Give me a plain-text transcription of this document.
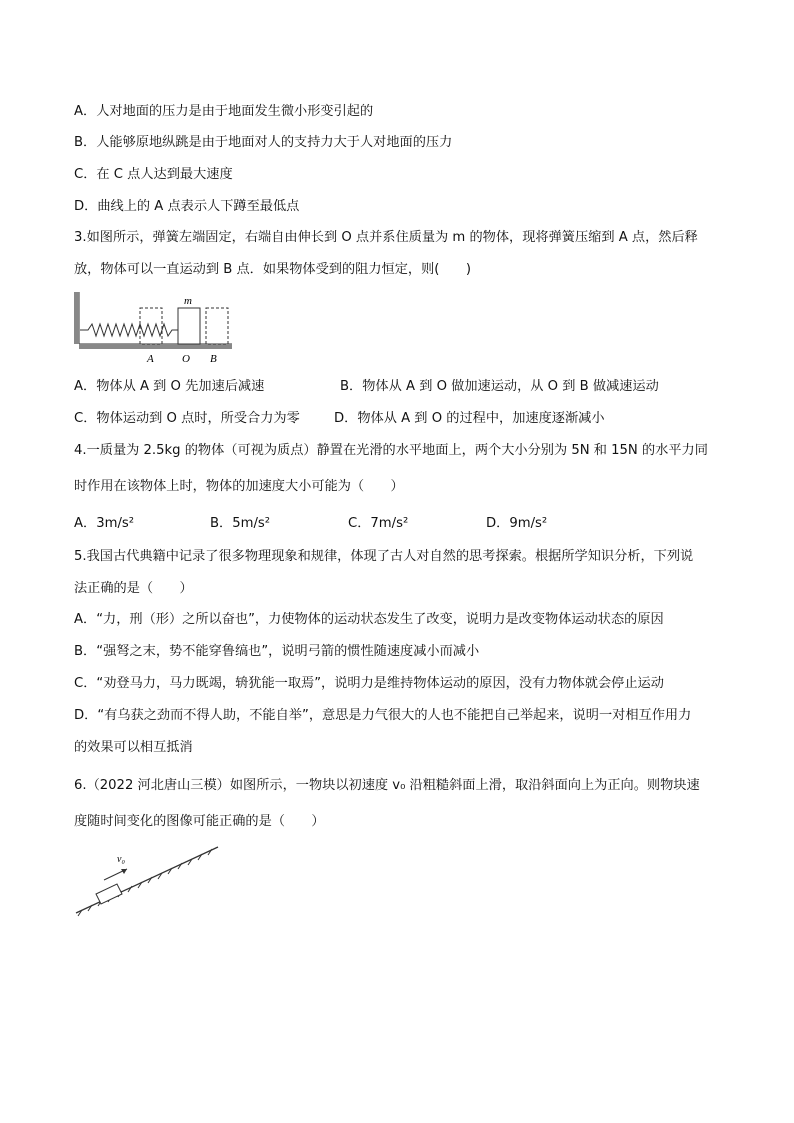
A．人对地面的压力是由于地面发生微小形变引起的
B．人能够原地纵跳是由于地面对人的支持力大于人对地面的压力
C．在 C 点人达到最大速度
D．曲线上的 A 点表示人下蹲至最低点
3.如图所示，弹簧左端固定，右端自由伸长到 O 点并系住质量为 m 的物体，现将弹簧压缩到 A 点，然后释
放，物体可以一直运动到 B 点．如果物体受到的阻力恒定，则(　　)
m
A	O B
A．物体从 A 到 O 先加速后减速	B．物体从 A 到 O 做加速运动，从 O 到 B 做减速运动
C．物体运动到 O 点时，所受合力为零	D．物体从 A 到 O 的过程中，加速度逐渐减小
4.一质量为 2.5kg 的物体（可视为质点）静置在光滑的水平地面上，两个大小分别为 5N 和 15N 的水平力同
时作用在该物体上时，物体的加速度大小可能为（　　）
A．3m/s²	B．5m/s²	C．7m/s²	D．9m/s²
5.我国古代典籍中记录了很多物理现象和规律，体现了古人对自然的思考探索。根据所学知识分析，下列说
法正确的是（　　）
A．“力，刑（形）之所以奋也”，力使物体的运动状态发生了改变，说明力是改变物体运动状态的原因
B．“强弩之末，势不能穿鲁缟也”，说明弓箭的惯性随速度减小而减小
C．“劝登马力，马力既竭，辀犹能一取焉”，说明力是维持物体运动的原因，没有力物体就会停止运动
D．“有乌获之劲而不得人助，不能自举”，意思是力气很大的人也不能把自己举起来，说明一对相互作用力
的效果可以相互抵消
6.（2022 河北唐山三模）如图所示，一物块以初速度 v₀ 沿粗糙斜面上滑，取沿斜面向上为正向。则物块速
度随时间变化的图像可能正确的是（　　）
v₀
